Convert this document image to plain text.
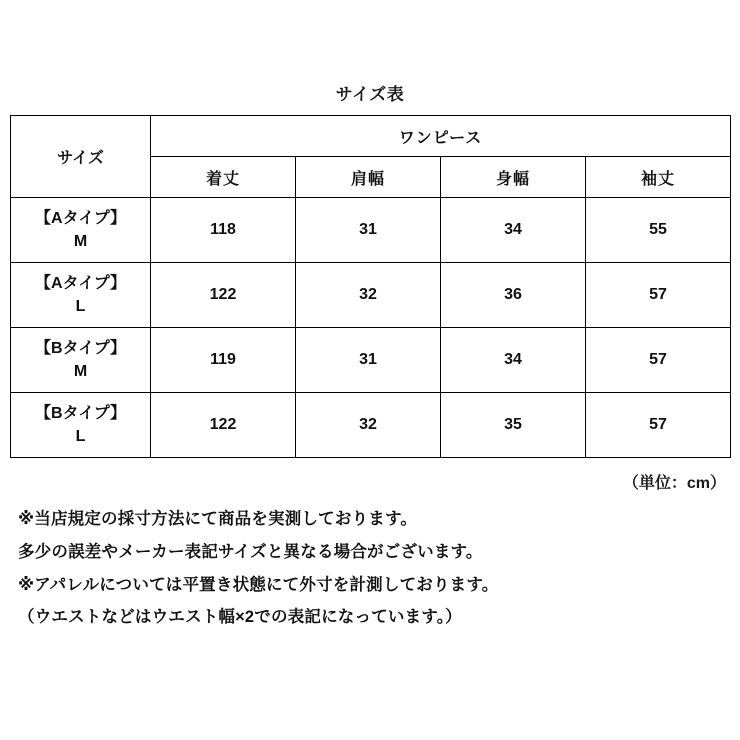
サイズ表
サイズ	ワンピース			
	着丈	肩幅	身幅	袖丈

【Aタイプ】
M	118	31	34	55

【Aタイプ】
L	122	32	36	57

【Bタイプ】
M	119	31	34	57

【Bタイプ】
L	122	32	35	57
（単位：cm）

※当店規定の採寸方法にて商品を実測しております。

多少の誤差やメーカー表記サイズと異なる場合がございます。

※アパレルについては平置き状態にて外寸を計測しております。

（ウエストなどはウエスト幅×2での表記になっています。）
